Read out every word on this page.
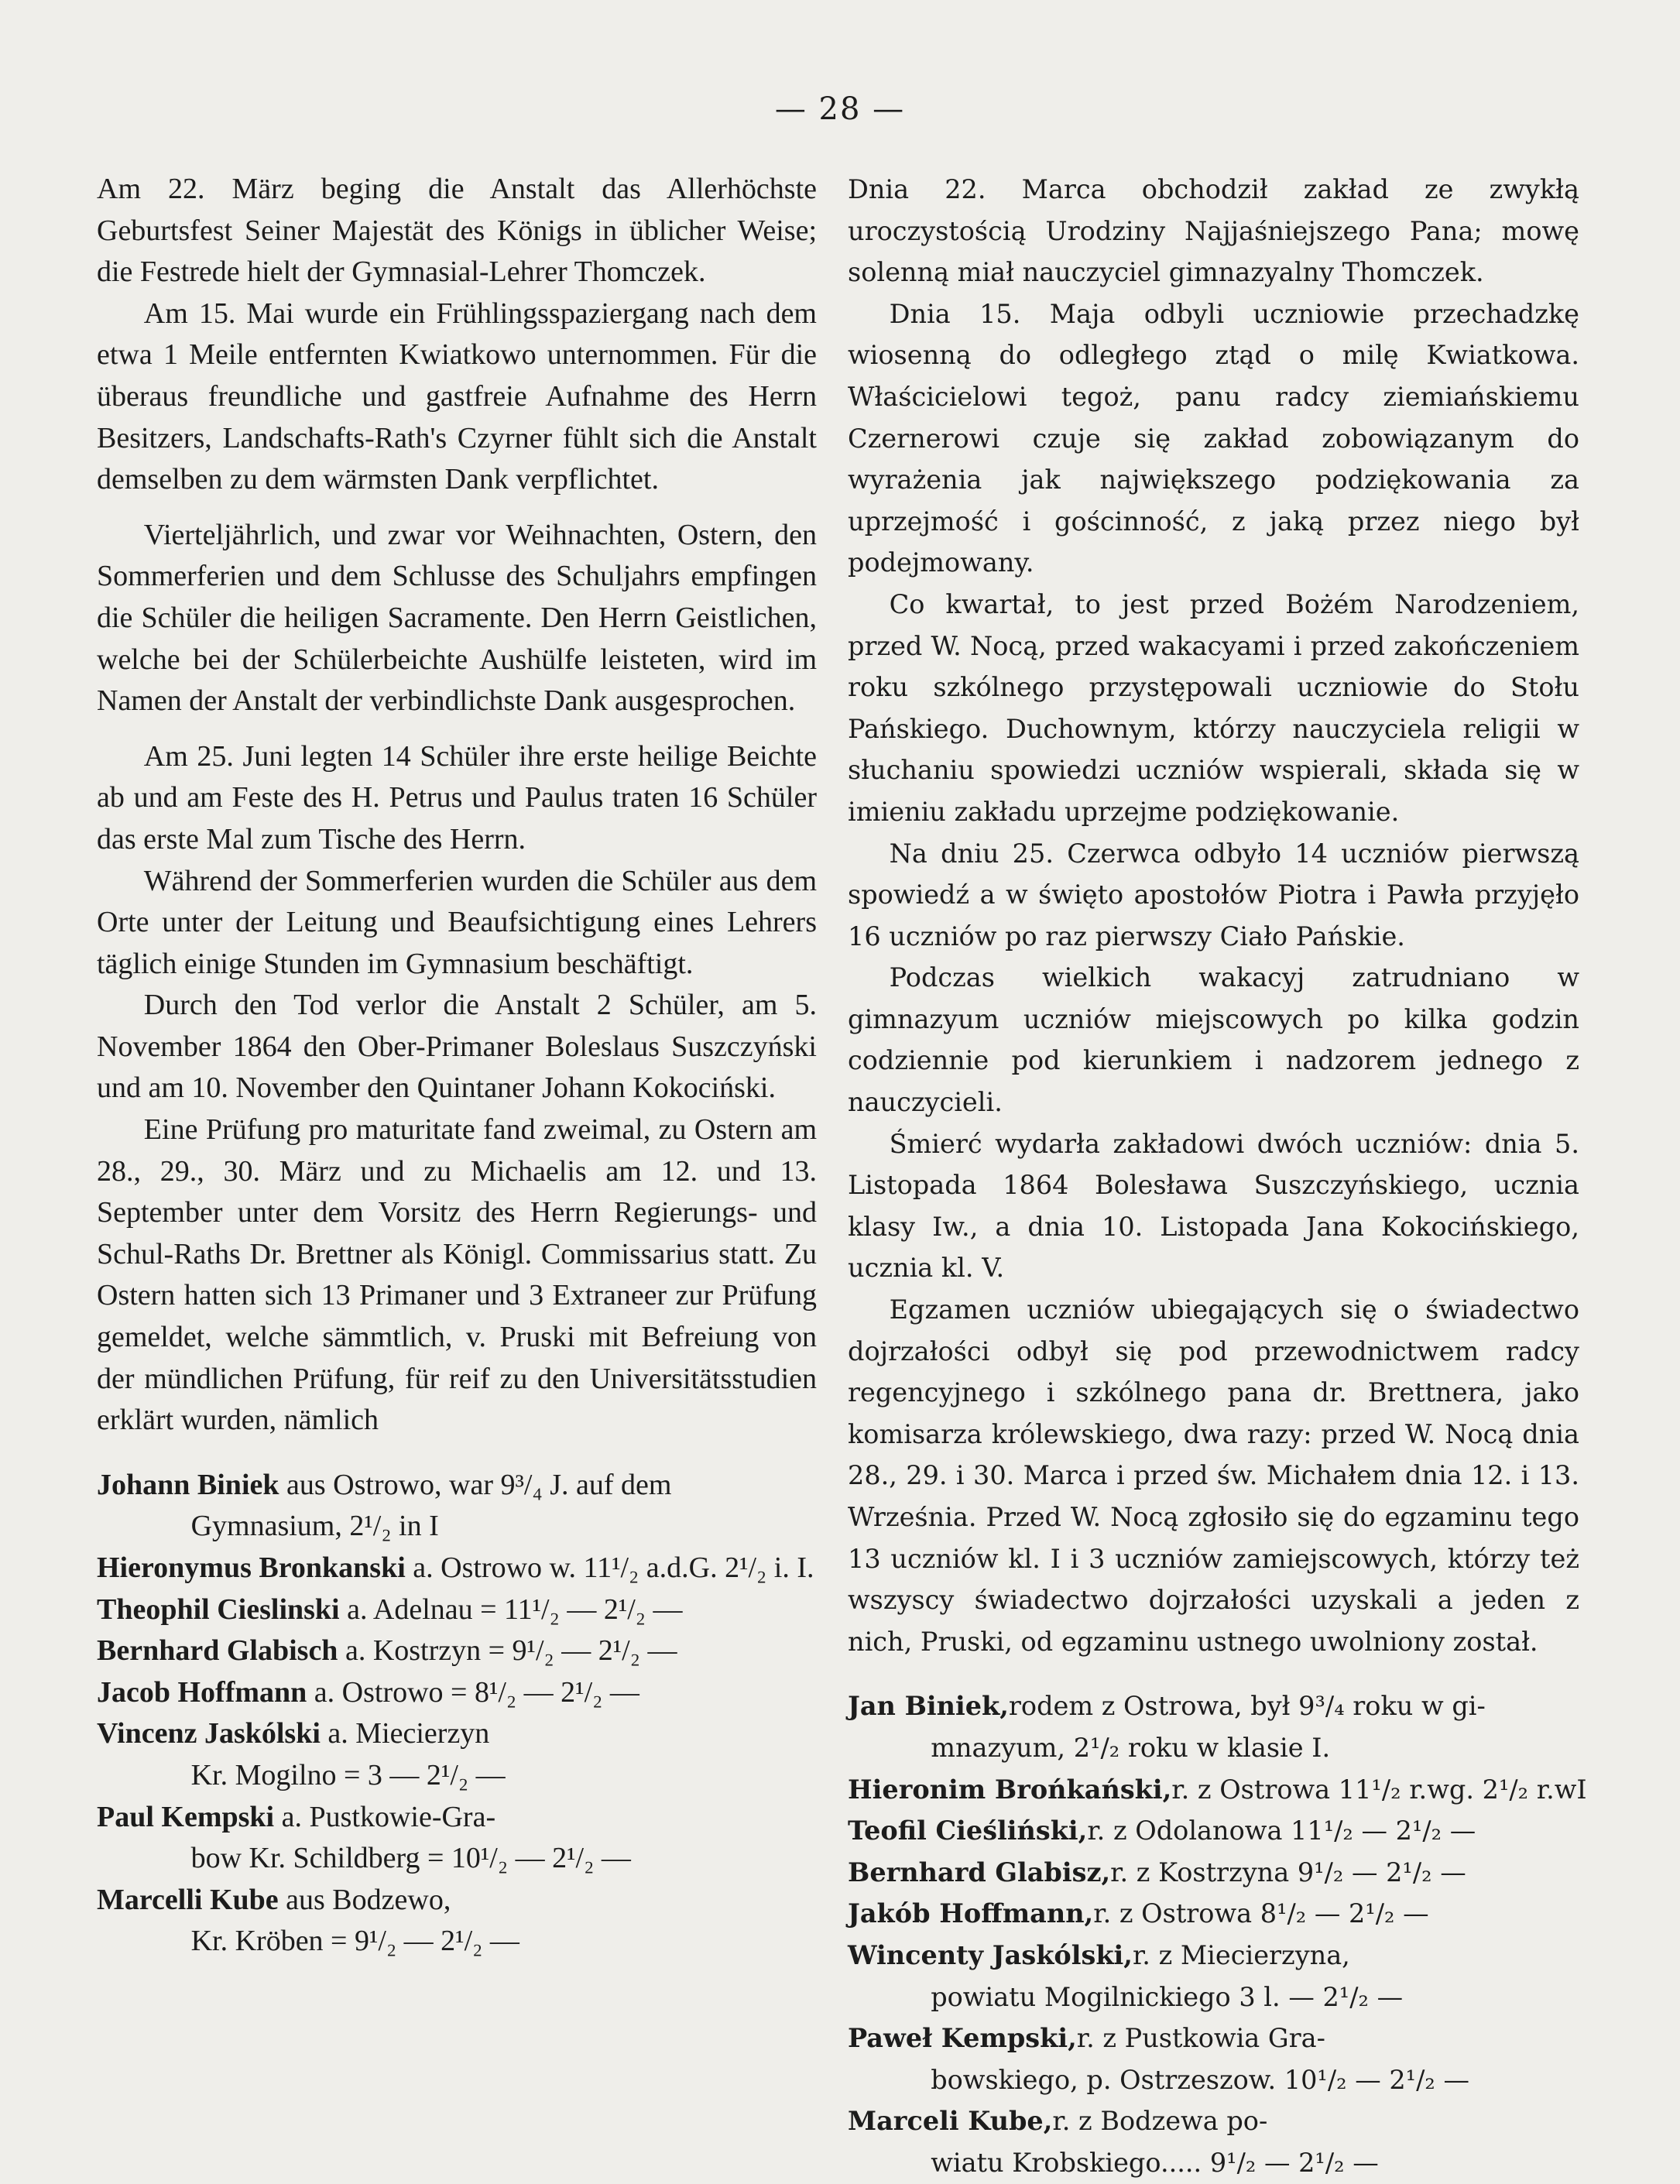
— 28 —

Am 22. März beging die Anstalt das Allerhöchste Geburtsfest Seiner Majestät des Königs in üblicher Weise; die Festrede hielt der Gymnasial-Lehrer Thomczek.

Am 15. Mai wurde ein Frühlingsspaziergang nach dem etwa 1 Meile entfernten Kwiatkowo unternommen. Für die überaus freundliche und gastfreie Aufnahme des Herrn Besitzers, Landschafts-Rath's Czyrner fühlt sich die Anstalt demselben zu dem wärmsten Dank verpflichtet.

Vierteljährlich, und zwar vor Weihnachten, Ostern, den Sommerferien und dem Schlusse des Schuljahrs empfingen die Schüler die heiligen Sacramente. Den Herrn Geistlichen, welche bei der Schülerbeichte Aushülfe leisteten, wird im Namen der Anstalt der verbindlichste Dank ausgesprochen.

Am 25. Juni legten 14 Schüler ihre erste heilige Beichte ab und am Feste des H. Petrus und Paulus traten 16 Schüler das erste Mal zum Tische des Herrn.

Während der Sommerferien wurden die Schüler aus dem Orte unter der Leitung und Beaufsichtigung eines Lehrers täglich einige Stunden im Gymnasium beschäftigt.

Durch den Tod verlor die Anstalt 2 Schüler, am 5. November 1864 den Ober-Primaner Boleslaus Suszczyński und am 10. November den Quintaner Johann Kokociński.

Eine Prüfung pro maturitate fand zweimal, zu Ostern am 28., 29., 30. März und zu Michaelis am 12. und 13. September unter dem Vorsitz des Herrn Regierungs- und Schul-Raths Dr. Brettner als Königl. Commissarius statt. Zu Ostern hatten sich 13 Primaner und 3 Extraneer zur Prüfung gemeldet, welche sämmtlich, v. Pruski mit Befreiung von der mündlichen Prüfung, für reif zu den Universitätsstudien erklärt wurden, nämlich

Johann Biniek
aus Ostrowo, war 9³/₄ J. auf dem
Gymnasium, 2¹/₂ in I
Hieronymus Bronkanski
a. Ostrowo w. 11¹/₂ a.d.G. 2¹/₂ i. I.
Theophil Cieslinski
a. Adelnau = 11¹/₂ — 2¹/₂ —
Bernhard Glabisch
a. Kostrzyn = 9¹/₂ — 2¹/₂ —
Jacob Hoffmann
a. Ostrowo = 8¹/₂ — 2¹/₂ —
Vincenz Jaskólski
a. Miecierzyn
Kr. Mogilno = 3 — 2¹/₂ —
Paul Kempski
a. Pustkowie-Gra-
bow Kr. Schildberg = 10¹/₂ — 2¹/₂ —
Marcelli Kube
aus Bodzewo,
Kr. Kröben = 9¹/₂ — 2¹/₂ —

Dnia 22. Marca obchodził zakład ze zwykłą uroczystością Urodziny Najjaśniejszego Pana; mowę solenną miał nauczyciel gimnazyalny Thomczek.

Dnia 15. Maja odbyli uczniowie przechadzkę wiosenną do odległego ztąd o milę Kwiatkowa. Właścicielowi tegoż, panu radcy ziemiańskiemu Czernerowi czuje się zakład zobowiązanym do wyrażenia jak największego podziękowania za uprzejmość i gościnność, z jaką przez niego był podejmowany.

Co kwartał, to jest przed Bożém Narodzeniem, przed W. Nocą, przed wakacyami i przed zakończeniem roku szkólnego przystępowali uczniowie do Stołu Pańskiego. Duchownym, którzy nauczyciela religii w słuchaniu spowiedzi uczniów wspierali, składa się w imieniu zakładu uprzejme podziękowanie.

Na dniu 25. Czerwca odbyło 14 uczniów pierwszą spowiedź a w święto apostołów Piotra i Pawła przyjęło 16 uczniów po raz pierwszy Ciało Pańskie.

Podczas wielkich wakacyj zatrudniano w gimnazyum uczniów miejscowych po kilka godzin codziennie pod kierunkiem i nadzorem jednego z nauczycieli.

Śmierć wydarła zakładowi dwóch uczniów: dnia 5. Listopada 1864 Bolesława Suszczyńskiego, ucznia klasy Iw., a dnia 10. Listopada Jana Kokocińskiego, ucznia kl. V.

Egzamen uczniów ubiegających się o świadectwo dojrzałości odbył się pod przewodnictwem radcy regencyjnego i szkólnego pana dr. Brettnera, jako komisarza królewskiego, dwa razy: przed W. Nocą dnia 28., 29. i 30. Marca i przed św. Michałem dnia 12. i 13. Września. Przed W. Nocą zgłosiło się do egzaminu tego 13 uczniów kl. I i 3 uczniów zamiejscowych, którzy też wszyscy świadectwo dojrzałości uzyskali a jeden z nich, Pruski, od egzaminu ustnego uwolniony został.

Jan Biniek, rodem z Ostrowa, był 9³/₄ roku w gi-
mnazyum, 2¹/₂ roku w klasie I.
Hieronim Brońkański, r. z Ostrowa 11¹/₂ r.wg. 2¹/₂ r.wI
Teofil Cieśliński, r. z Odolanowa 11¹/₂ — 2¹/₂ —
Bernhard Glabisz, r. z Kostrzyna 9¹/₂ — 2¹/₂ —
Jakób Hoffmann, r. z Ostrowa 8¹/₂ — 2¹/₂ —
Wincenty Jaskólski, r. z Miecierzyna,
powiatu Mogilnickiego 3 l. — 2¹/₂ —
Paweł Kempski, r. z Pustkowia Gra-
bowskiego, p. Ostrzeszow. 10¹/₂ — 2¹/₂ —
Marceli Kube, r. z Bodzewa po-
wiatu Krobskiego..... 9¹/₂ — 2¹/₂ —
